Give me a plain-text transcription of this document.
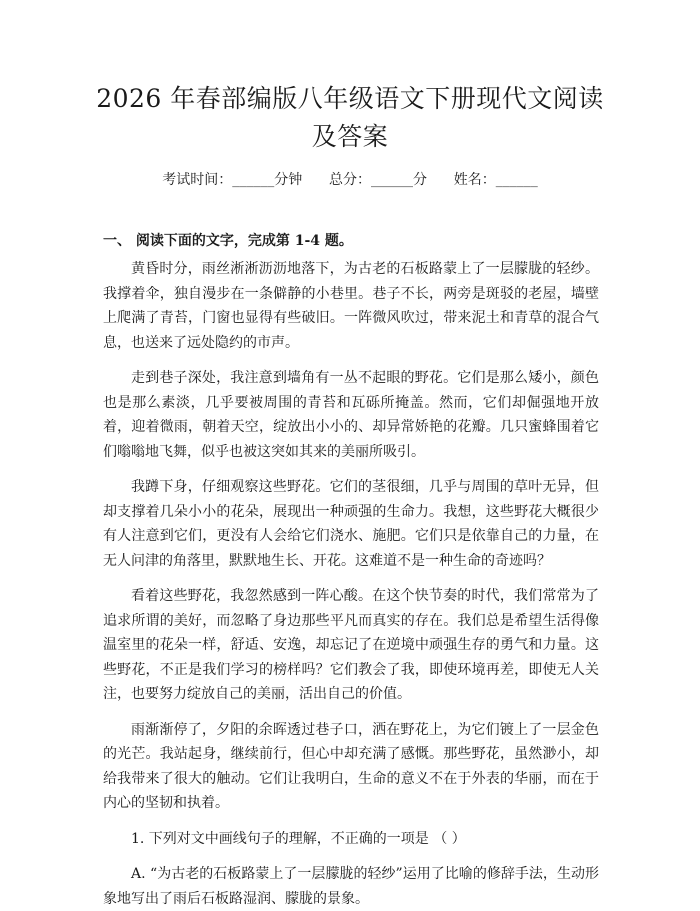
2026 年春部编版八年级语文下册现代文阅读及答案
考试时间：______分钟      总分：______分      姓名：______
一、 阅读下面的文字，完成第 1-4 题。

黄昏时分，雨丝淅淅沥沥地落下，为古老的石板路蒙上了一层朦胧的轻纱。我撑着伞，独自漫步在一条僻静的小巷里。巷子不长，两旁是斑驳的老屋，墙壁上爬满了青苔，门窗也显得有些破旧。一阵微风吹过，带来泥土和青草的混合气息，也送来了远处隐约的市声。

走到巷子深处，我注意到墙角有一丛不起眼的野花。它们是那么矮小，颜色也是那么素淡，几乎要被周围的青苔和瓦砾所掩盖。然而，它们却倔强地开放着，迎着微雨，朝着天空，绽放出小小的、却异常娇艳的花瓣。几只蜜蜂围着它们嗡嗡地飞舞，似乎也被这突如其来的美丽所吸引。

我蹲下身，仔细观察这些野花。它们的茎很细，几乎与周围的草叶无异，但却支撑着几朵小小的花朵，展现出一种顽强的生命力。我想，这些野花大概很少有人注意到它们，更没有人会给它们浇水、施肥。它们只是依靠自己的力量，在无人问津的角落里，默默地生长、开花。这难道不是一种生命的奇迹吗？

看着这些野花，我忽然感到一阵心酸。在这个快节奏的时代，我们常常为了追求所谓的美好，而忽略了身边那些平凡而真实的存在。我们总是希望生活得像温室里的花朵一样，舒适、安逸，却忘记了在逆境中顽强生存的勇气和力量。这些野花，不正是我们学习的榜样吗？它们教会了我，即使环境再差，即使无人关注，也要努力绽放自己的美丽，活出自己的价值。

雨渐渐停了，夕阳的余晖透过巷子口，洒在野花上，为它们镀上了一层金色的光芒。我站起身，继续前行，但心中却充满了感慨。那些野花，虽然渺小，却给我带来了很大的触动。它们让我明白，生命的意义不在于外表的华丽，而在于内心的坚韧和执着。

1. 下列对文中画线句子的理解，不正确的一项是 （ ）

A. “为古老的石板路蒙上了一层朦胧的轻纱”运用了比喻的修辞手法，生动形象地写出了雨后石板路湿润、朦胧的景象。
